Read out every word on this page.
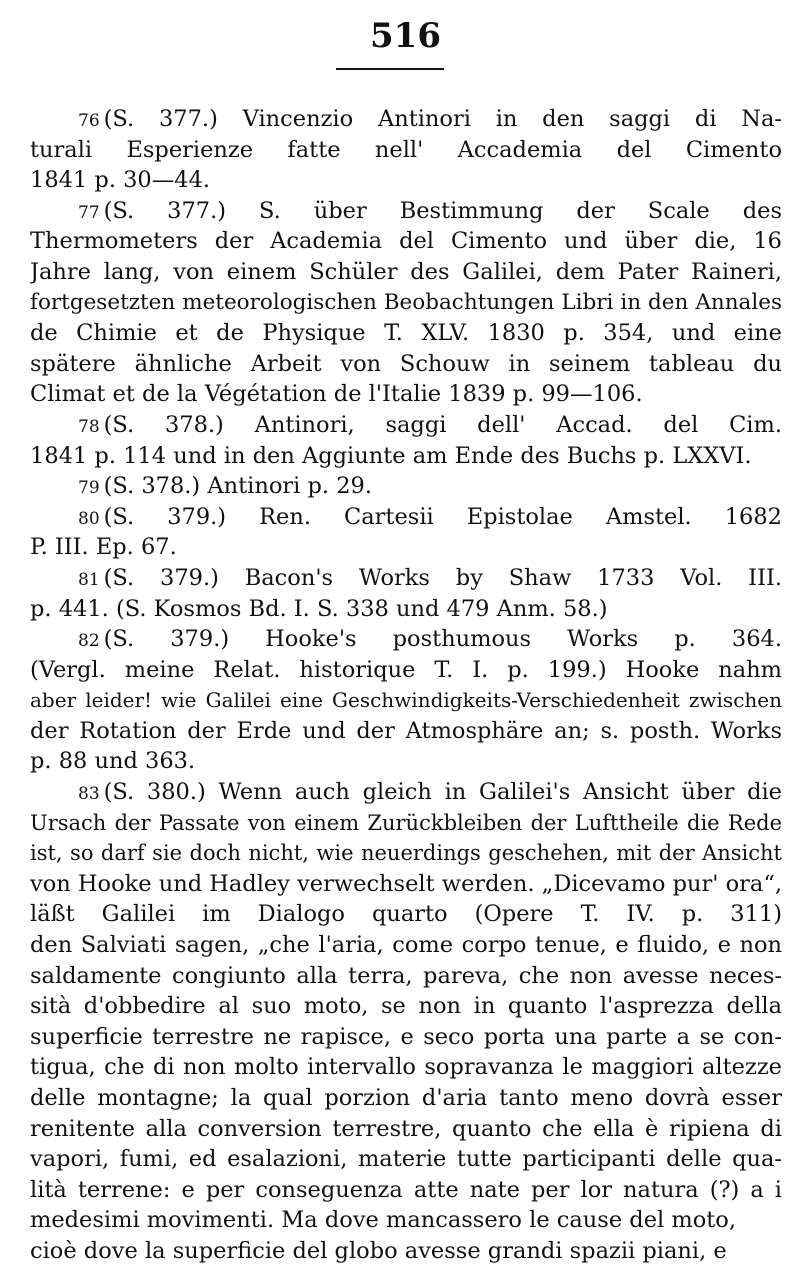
516
76 (S. 377.) Vincenzio Antinori in den saggi di Na-
turali Esperienze fatte nell' Accademia del Cimento
1841 p. 30—44.
77 (S. 377.) S. über Bestimmung der Scale des
Thermometers der Academia del Cimento und über die, 16
Jahre lang, von einem Schüler des Galilei, dem Pater Raineri,
fortgesetzten meteorologischen Beobachtungen Libri in den Annales
de Chimie et de Physique T. XLV. 1830 p. 354, und eine
spätere ähnliche Arbeit von Schouw in seinem tableau du
Climat et de la Végétation de l'Italie 1839 p. 99—106.
78 (S. 378.) Antinori, saggi dell' Accad. del Cim.
1841 p. 114 und in den Aggiunte am Ende des Buchs p. LXXVI.
79 (S. 378.) Antinori p. 29.
80 (S. 379.) Ren. Cartesii Epistolae Amstel. 1682
P. III. Ep. 67.
81 (S. 379.) Bacon's Works by Shaw 1733 Vol. III.
p. 441. (S. Kosmos Bd. I. S. 338 und 479 Anm. 58.)
82 (S. 379.) Hooke's posthumous Works p. 364.
(Vergl. meine Relat. historique T. I. p. 199.) Hooke nahm
aber leider! wie Galilei eine Geschwindigkeits-Verschiedenheit zwischen
der Rotation der Erde und der Atmosphäre an; s. posth. Works
p. 88 und 363.
83 (S. 380.) Wenn auch gleich in Galilei's Ansicht über die
Ursach der Passate von einem Zurückbleiben der Lufttheile die Rede
ist, so darf sie doch nicht, wie neuerdings geschehen, mit der Ansicht
von Hooke und Hadley verwechselt werden. „Dicevamo pur' ora“,
läßt Galilei im Dialogo quarto (Opere T. IV. p. 311)
den Salviati sagen, „che l'aria, come corpo tenue, e fluido, e non
saldamente congiunto alla terra, pareva, che non avesse neces-
sità d'obbedire al suo moto, se non in quanto l'asprezza della
superficie terrestre ne rapisce, e seco porta una parte a se con-
tigua, che di non molto intervallo sopravanza le maggiori altezze
delle montagne; la qual porzion d'aria tanto meno dovrà esser
renitente alla conversion terrestre, quanto che ella è ripiena di
vapori, fumi, ed esalazioni, materie tutte participanti delle qua-
lità terrene: e per conseguenza atte nate per lor natura (?) a i
medesimi movimenti. Ma dove mancassero le cause del moto,
cioè dove la superficie del globo avesse grandi spazii piani, e
